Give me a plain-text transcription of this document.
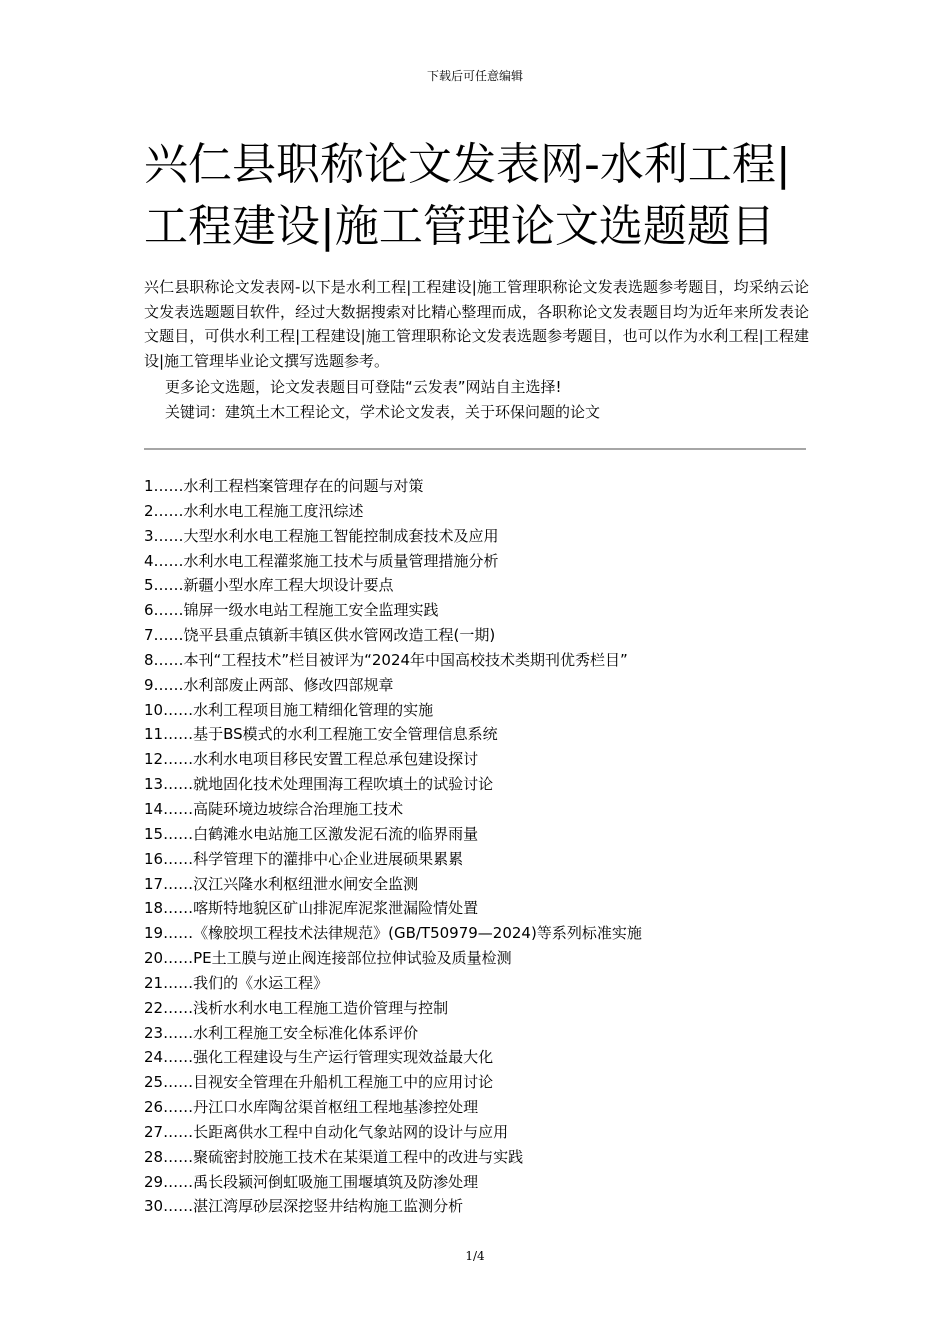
下载后可任意编辑
兴仁县职称论文发表网-水利工程|工程建设|施工管理论文选题题目

兴仁县职称论文发表网-以下是水利工程|工程建设|施工管理职称论文发表选题参考题目，均采纳云论文发表选题题目软件，经过大数据搜索对比精心整理而成，各职称论文发表题目均为近年来所发表论文题目，可供水利工程|工程建设|施工管理职称论文发表选题参考题目，也可以作为水利工程|工程建设|施工管理毕业论文撰写选题参考。

更多论文选题，论文发表题目可登陆“云发表”网站自主选择!

关键词：建筑土木工程论文，学术论文发表，关于环保问题的论文

1……水利工程档案管理存在的问题与对策
2……水利水电工程施工度汛综述
3……大型水利水电工程施工智能控制成套技术及应用
4……水利水电工程灌浆施工技术与质量管理措施分析
5……新疆小型水库工程大坝设计要点
6……锦屏一级水电站工程施工安全监理实践
7……饶平县重点镇新丰镇区供水管网改造工程(一期)
8……本刊“工程技术”栏目被评为“2024年中国高校技术类期刊优秀栏目”
9……水利部废止两部、修改四部规章
10……水利工程项目施工精细化管理的实施
11……基于BS模式的水利工程施工安全管理信息系统
12……水利水电项目移民安置工程总承包建设探讨
13……就地固化技术处理围海工程吹填土的试验讨论
14……高陡环境边坡综合治理施工技术
15……白鹤滩水电站施工区激发泥石流的临界雨量
16……科学管理下的灌排中心企业进展硕果累累
17……汉江兴隆水利枢纽泄水闸安全监测
18……喀斯特地貌区矿山排泥库泥浆泄漏险情处置
19……《橡胶坝工程技术法律规范》(GB/T50979—2024)等系列标准实施
20……PE土工膜与逆止阀连接部位拉伸试验及质量检测
21……我们的《水运工程》
22……浅析水利水电工程施工造价管理与控制
23……水利工程施工安全标准化体系评价
24……强化工程建设与生产运行管理实现效益最大化
25……目视安全管理在升船机工程施工中的应用讨论
26……丹江口水库陶岔渠首枢纽工程地基渗控处理
27……长距离供水工程中自动化气象站网的设计与应用
28……聚硫密封胶施工技术在某渠道工程中的改进与实践
29……禹长段颍河倒虹吸施工围堰填筑及防渗处理
30……湛江湾厚砂层深挖竖井结构施工监测分析
1/4
